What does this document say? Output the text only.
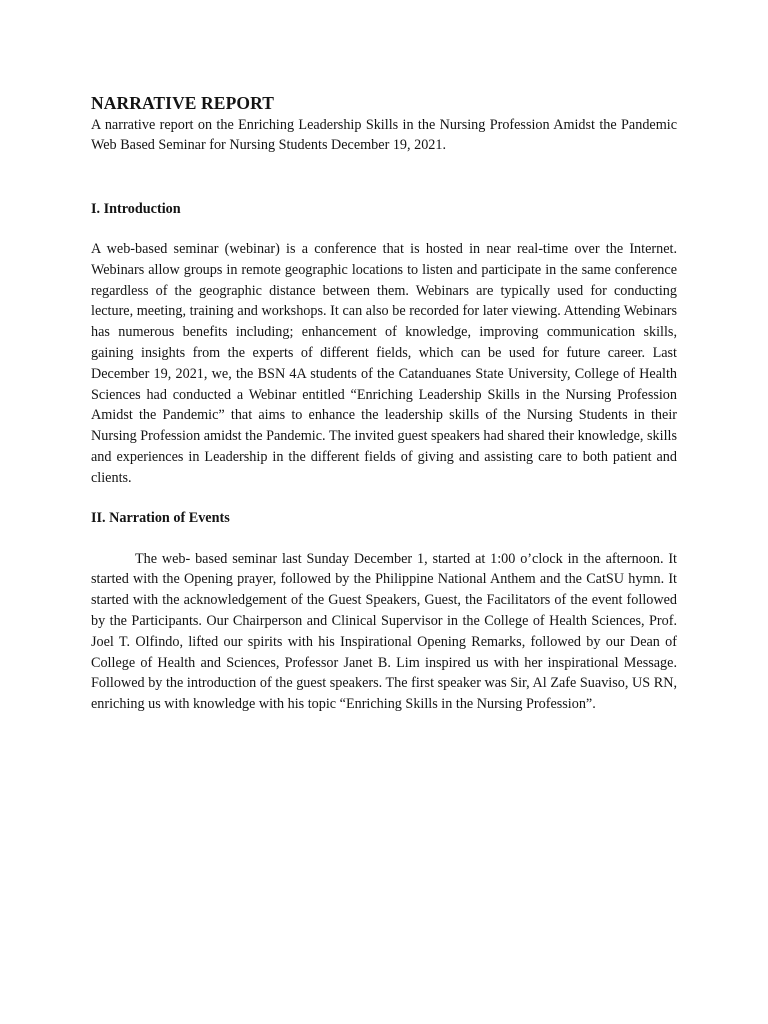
NARRATIVE REPORT

A narrative report on the Enriching Leadership Skills in the Nursing Profession Amidst the Pandemic Web Based Seminar for Nursing Students December 19, 2021.

I. Introduction

A web-based seminar (webinar) is a conference that is hosted in near real-time over the Internet. Webinars allow groups in remote geographic locations to listen and participate in the same conference regardless of the geographic distance between them. Webinars are typically used for conducting lecture, meeting, training and workshops. It can also be recorded for later viewing. Attending Webinars has numerous benefits including; enhancement of knowledge, improving communication skills, gaining insights from the experts of different fields, which can be used for future career. Last December 19, 2021, we, the BSN 4A students of the Catanduanes State University, College of Health Sciences had conducted a Webinar entitled “Enriching Leadership Skills in the Nursing Profession Amidst the Pandemic” that aims to enhance the leadership skills of the Nursing Students in their Nursing Profession amidst the Pandemic. The invited guest speakers had shared their knowledge, skills and experiences in Leadership in the different fields of giving and assisting care to both patient and clients.

II. Narration of Events

The web- based seminar last Sunday December 1, started at 1:00 o’clock in the afternoon. It started with the Opening prayer, followed by the Philippine National Anthem and the CatSU hymn. It started with the acknowledgement of the Guest Speakers, Guest, the Facilitators of the event followed by the Participants. Our Chairperson and Clinical Supervisor in the College of Health Sciences, Prof. Joel T. Olfindo, lifted our spirits with his Inspirational Opening Remarks, followed by our Dean of College of Health and Sciences, Professor Janet B. Lim inspired us with her inspirational Message. Followed by the introduction of the guest speakers. The first speaker was Sir, Al Zafe Suaviso, US RN, enriching us with knowledge with his topic “Enriching Skills in the Nursing Profession”.
